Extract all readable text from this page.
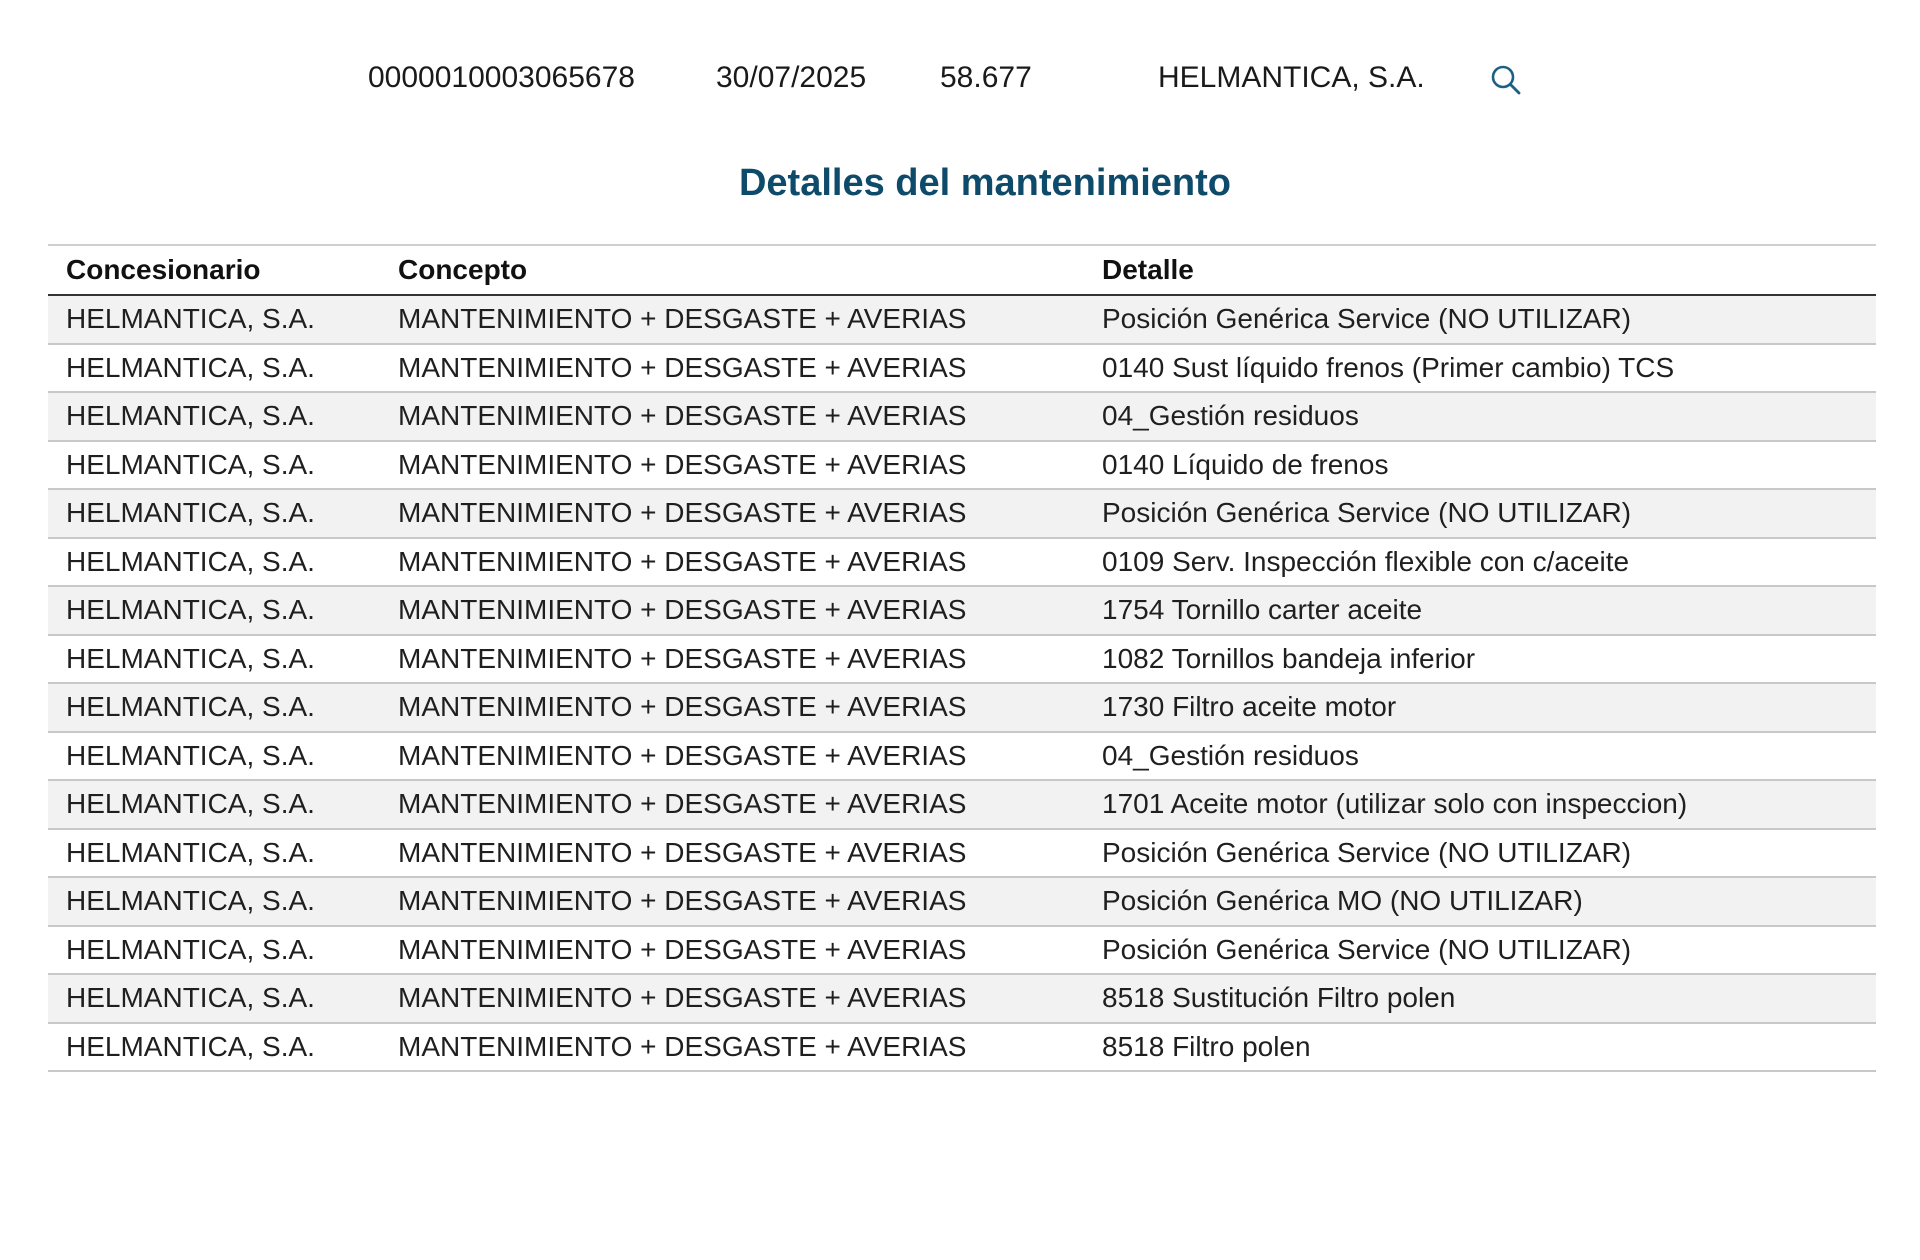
0000010003065678	30/07/2025 58.677	HELMANTICA, S.A.
Detalles del mantenimiento
Concesionario	Concepto	Detalle
HELMANTICA, S.A.	MANTENIMIENTO + DESGASTE + AVERIAS	Posición Genérica Service (NO UTILIZAR)
HELMANTICA, S.A.	MANTENIMIENTO + DESGASTE + AVERIAS	0140 Sust líquido frenos (Primer cambio) TCS
HELMANTICA, S.A.	MANTENIMIENTO + DESGASTE + AVERIAS	04_Gestión residuos
HELMANTICA, S.A.	MANTENIMIENTO + DESGASTE + AVERIAS	0140 Líquido de frenos
HELMANTICA, S.A.	MANTENIMIENTO + DESGASTE + AVERIAS	Posición Genérica Service (NO UTILIZAR)
HELMANTICA, S.A.	MANTENIMIENTO + DESGASTE + AVERIAS	0109 Serv. Inspección flexible con c/aceite
HELMANTICA, S.A.	MANTENIMIENTO + DESGASTE + AVERIAS	1754 Tornillo carter aceite
HELMANTICA, S.A.	MANTENIMIENTO + DESGASTE + AVERIAS	1082 Tornillos bandeja inferior
HELMANTICA, S.A.	MANTENIMIENTO + DESGASTE + AVERIAS	1730 Filtro aceite motor
HELMANTICA, S.A.	MANTENIMIENTO + DESGASTE + AVERIAS	04_Gestión residuos
HELMANTICA, S.A.	MANTENIMIENTO + DESGASTE + AVERIAS	1701 Aceite motor (utilizar solo con inspeccion)
HELMANTICA, S.A.	MANTENIMIENTO + DESGASTE + AVERIAS	Posición Genérica Service (NO UTILIZAR)
HELMANTICA, S.A.	MANTENIMIENTO + DESGASTE + AVERIAS	Posición Genérica MO (NO UTILIZAR)
HELMANTICA, S.A.	MANTENIMIENTO + DESGASTE + AVERIAS	Posición Genérica Service (NO UTILIZAR)
HELMANTICA, S.A.	MANTENIMIENTO + DESGASTE + AVERIAS	8518 Sustitución Filtro polen
HELMANTICA, S.A.	MANTENIMIENTO + DESGASTE + AVERIAS	8518 Filtro polen
